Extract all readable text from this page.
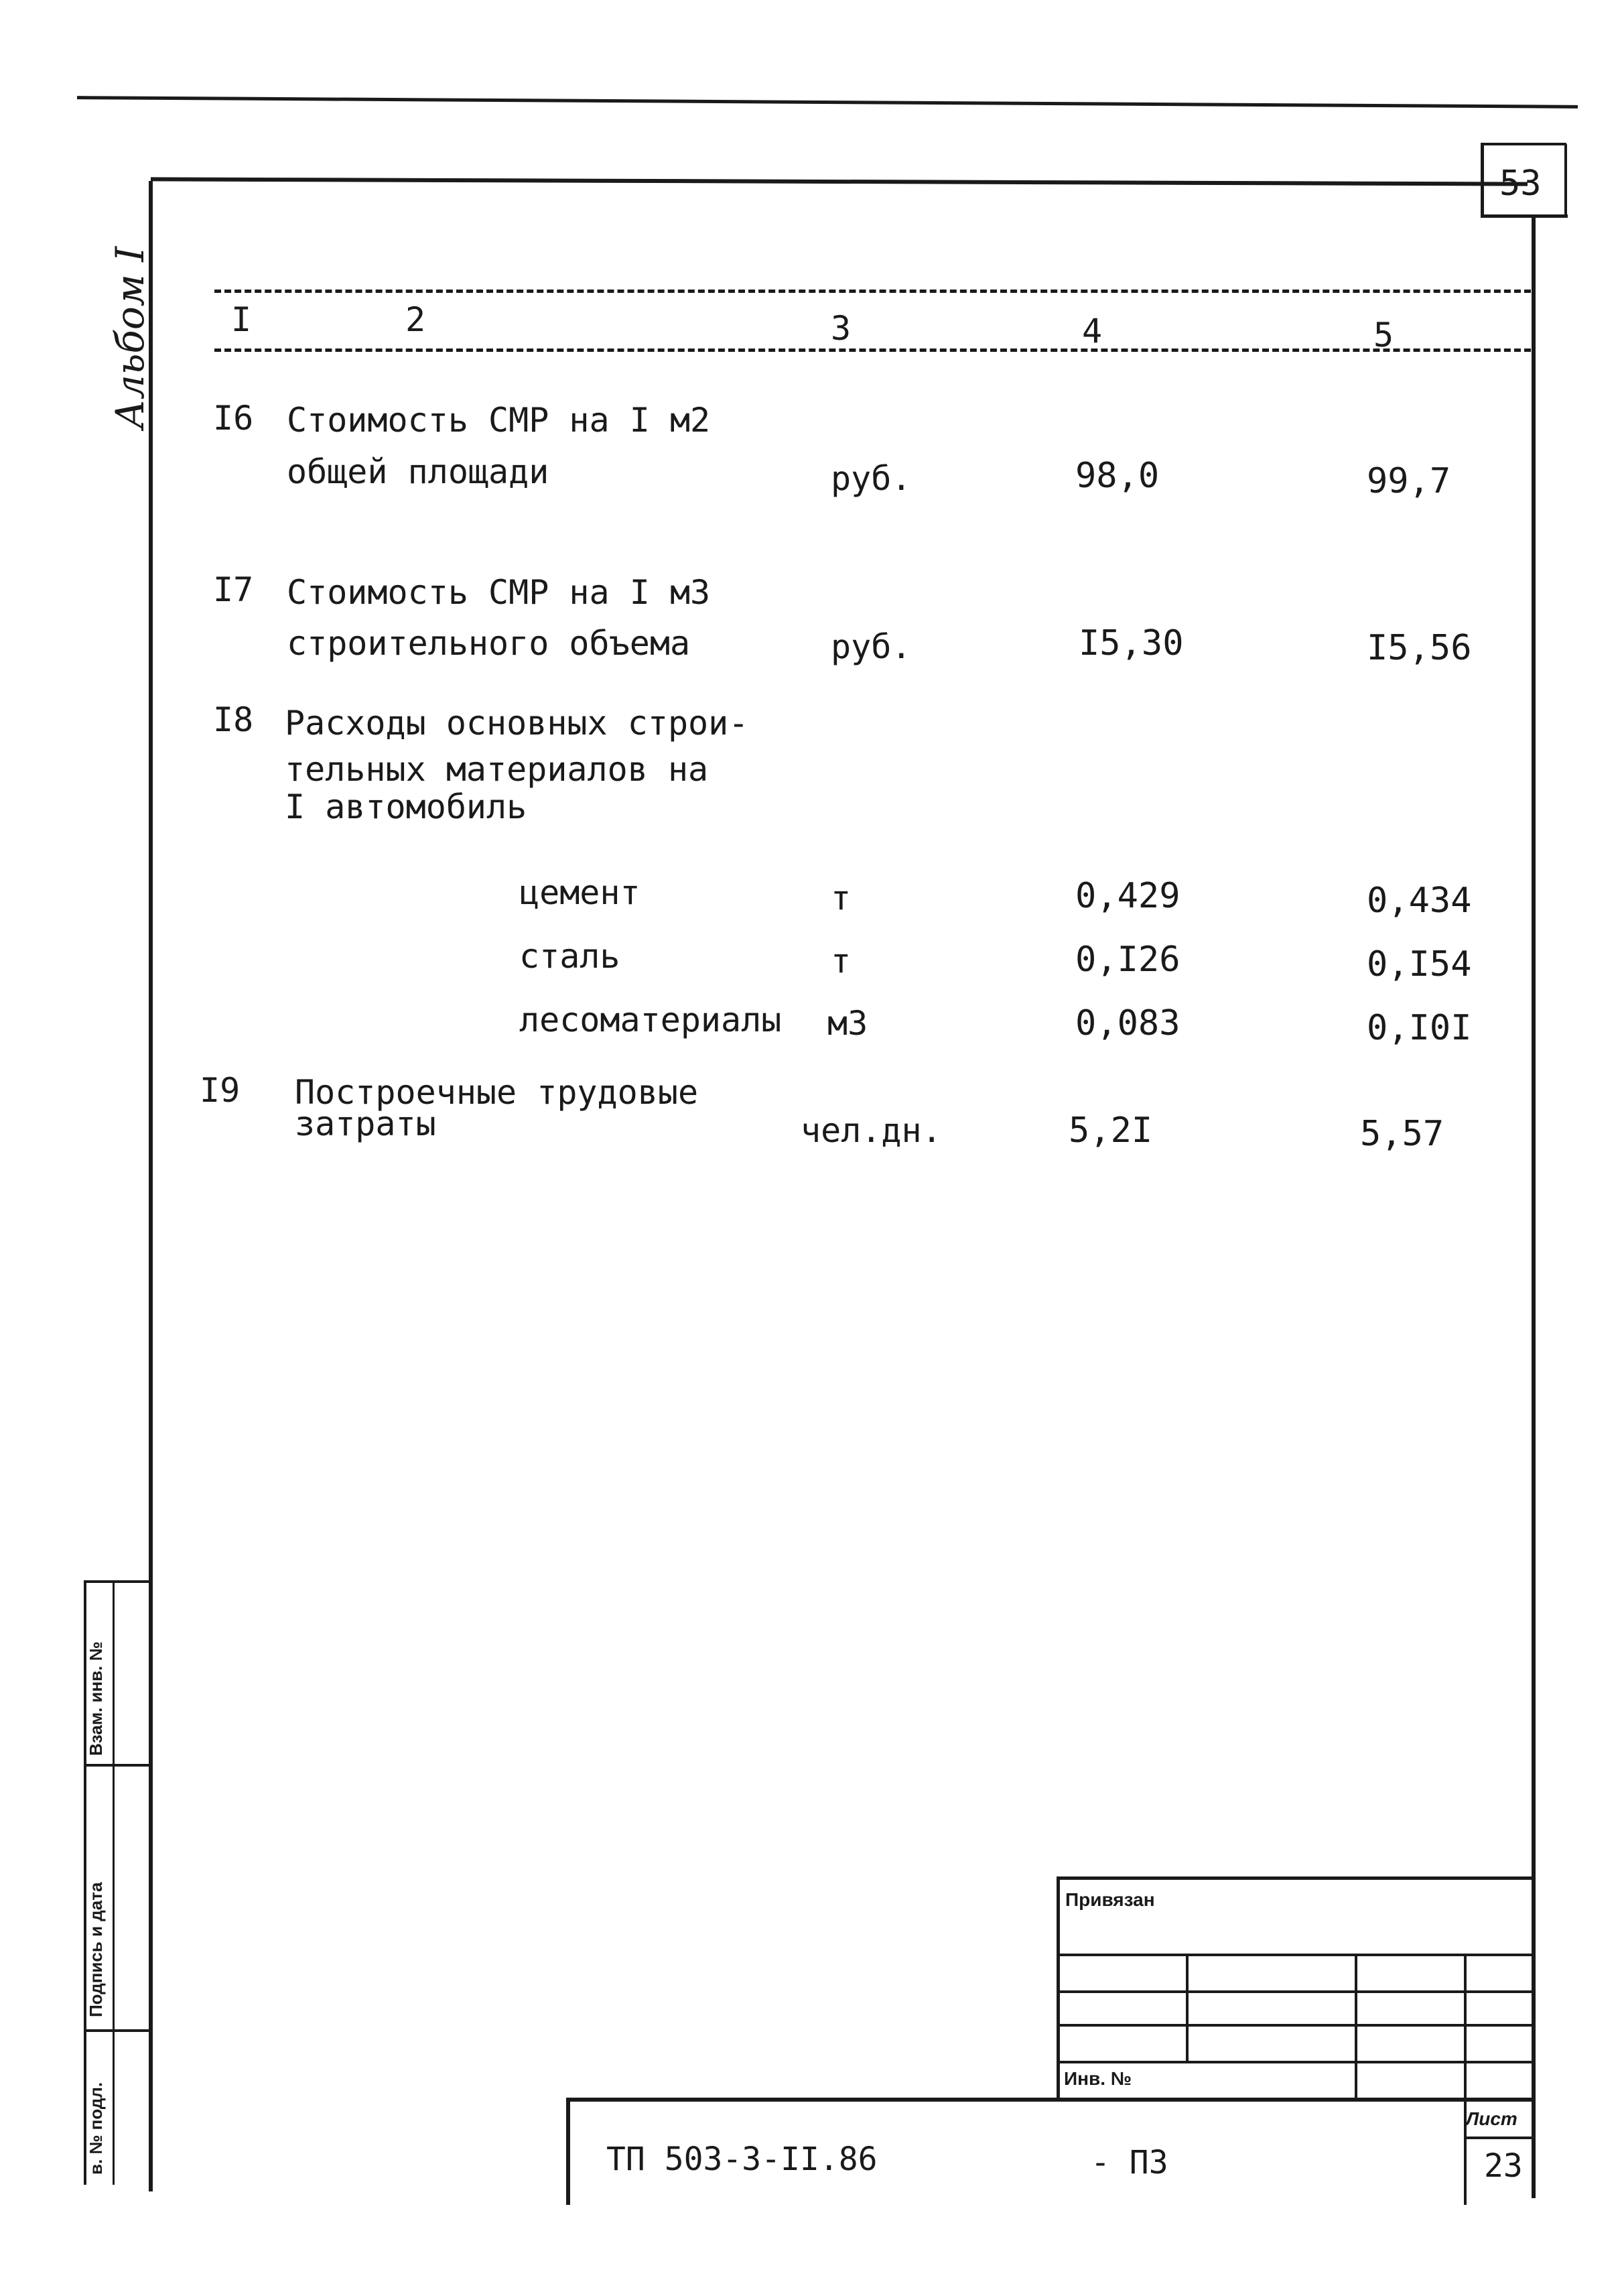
53
Альбом I I	2	3	4	5
I6 Стоимость СМР на I м2
общей площади	руб.	98,0	99,7
I7 Стоимость СМР на I м3
строительного объема	руб.	I5,30	I5,56
I8 Расходы основных строи-
тельных материалов на
I автомобиль
цемент	т	0,429	0,434
сталь	т	0,I26	0,I54
лесоматериалы м3	0,083	0,I0I
I9 Построечные трудовые
затраты	чел.дн.	5,2I	5,57
Взам. инв. №
Подпись и дата
в. № подл.
Привязан
Инв. №
ТП 503-3-II.86	- ПЗ
Лист
23
